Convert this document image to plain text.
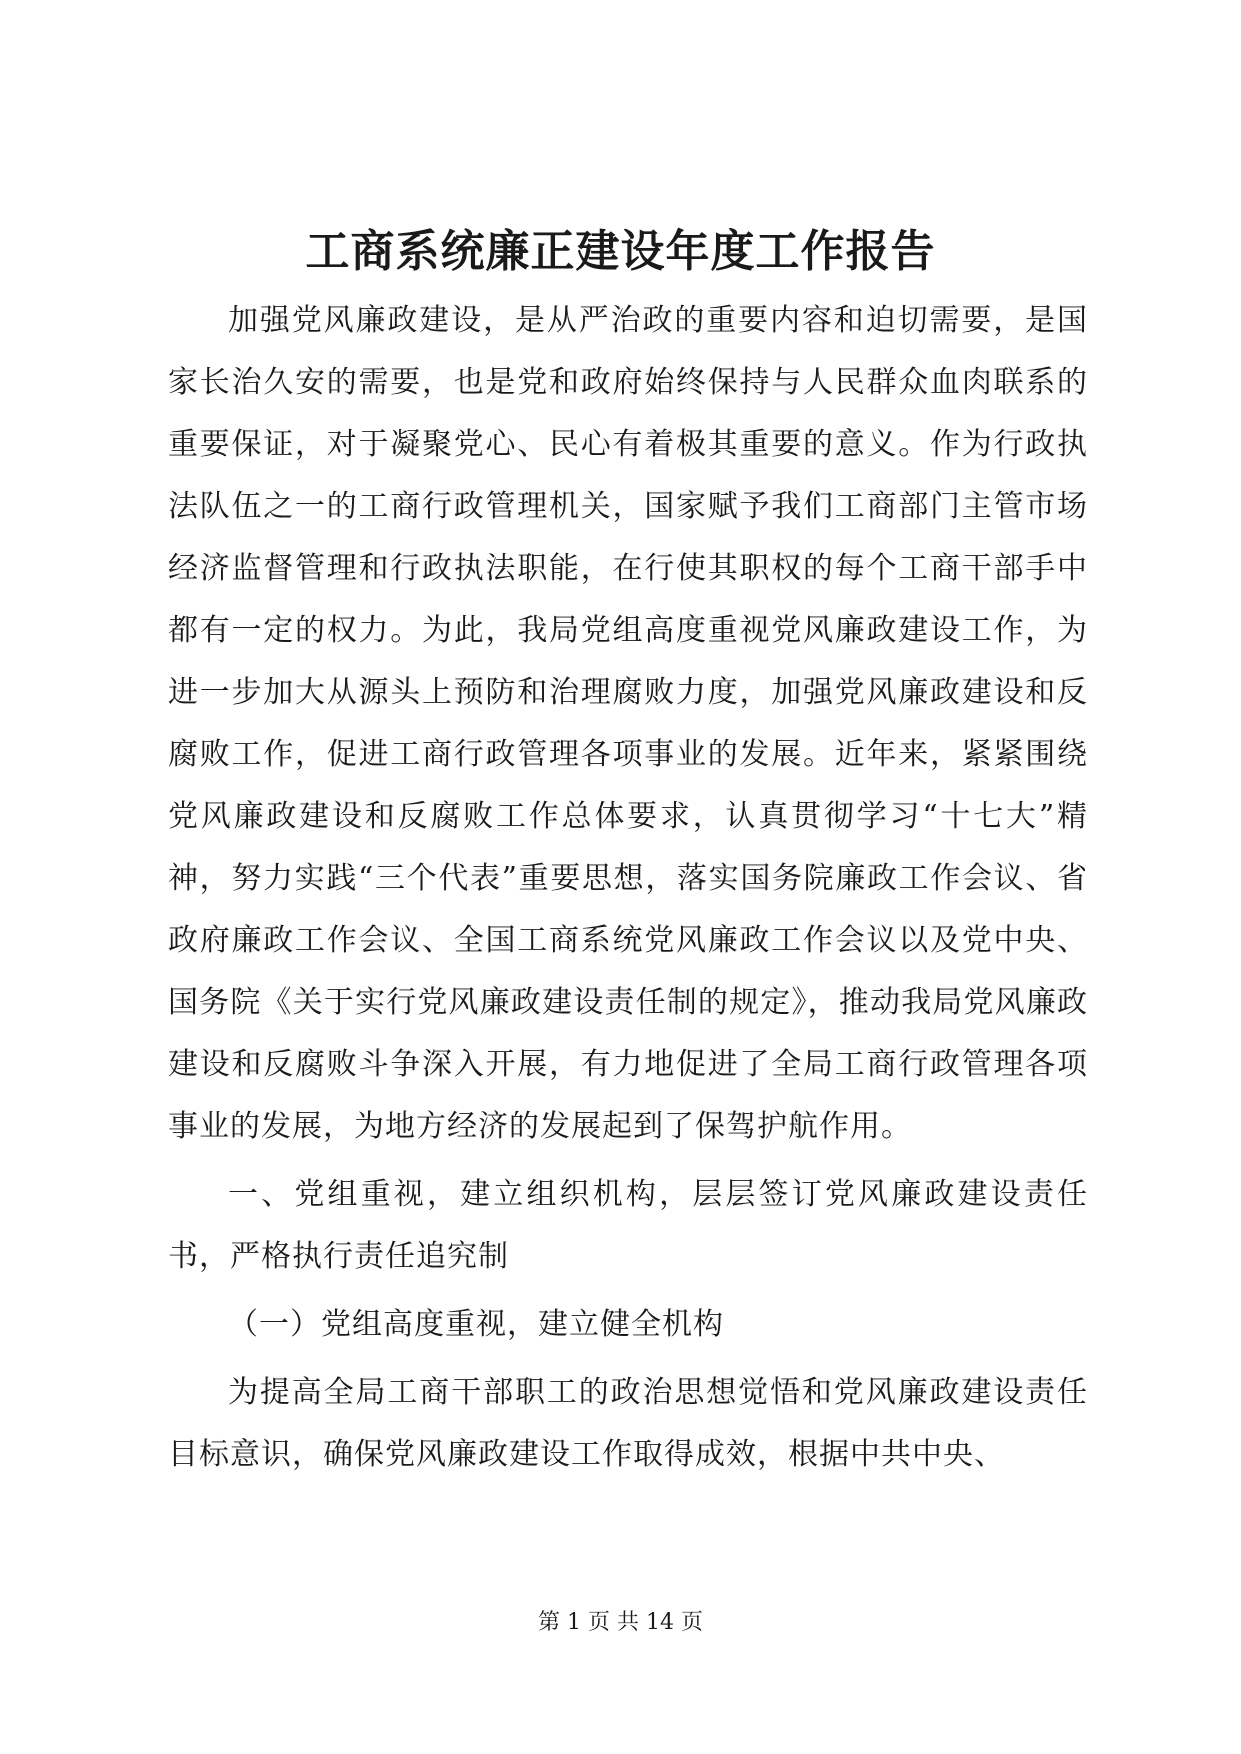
工商系统廉正建设年度工作报告

加强党风廉政建设，是从严治政的重要内容和迫切需要，是国家长治久安的需要，也是党和政府始终保持与人民群众血肉联系的重要保证，对于凝聚党心、民心有着极其重要的意义。作为行政执法队伍之一的工商行政管理机关，国家赋予我们工商部门主管市场经济监督管理和行政执法职能，在行使其职权的每个工商干部手中都有一定的权力。为此，我局党组高度重视党风廉政建设工作，为进一步加大从源头上预防和治理腐败力度，加强党风廉政建设和反腐败工作，促进工商行政管理各项事业的发展。近年来，紧紧围绕党风廉政建设和反腐败工作总体要求，认真贯彻学习“十七大”精神，努力实践“三个代表”重要思想，落实国务院廉政工作会议、省政府廉政工作会议、全国工商系统党风廉政工作会议以及党中央、国务院《关于实行党风廉政建设责任制的规定》，推动我局党风廉政建设和反腐败斗争深入开展，有力地促进了全局工商行政管理各项事业的发展，为地方经济的发展起到了保驾护航作用。

一、党组重视，建立组织机构，层层签订党风廉政建设责任书，严格执行责任追究制

（一）党组高度重视，建立健全机构

为提高全局工商干部职工的政治思想觉悟和党风廉政建设责任目标意识，确保党风廉政建设工作取得成效，根据中共中央、

第 1 页 共 14 页
